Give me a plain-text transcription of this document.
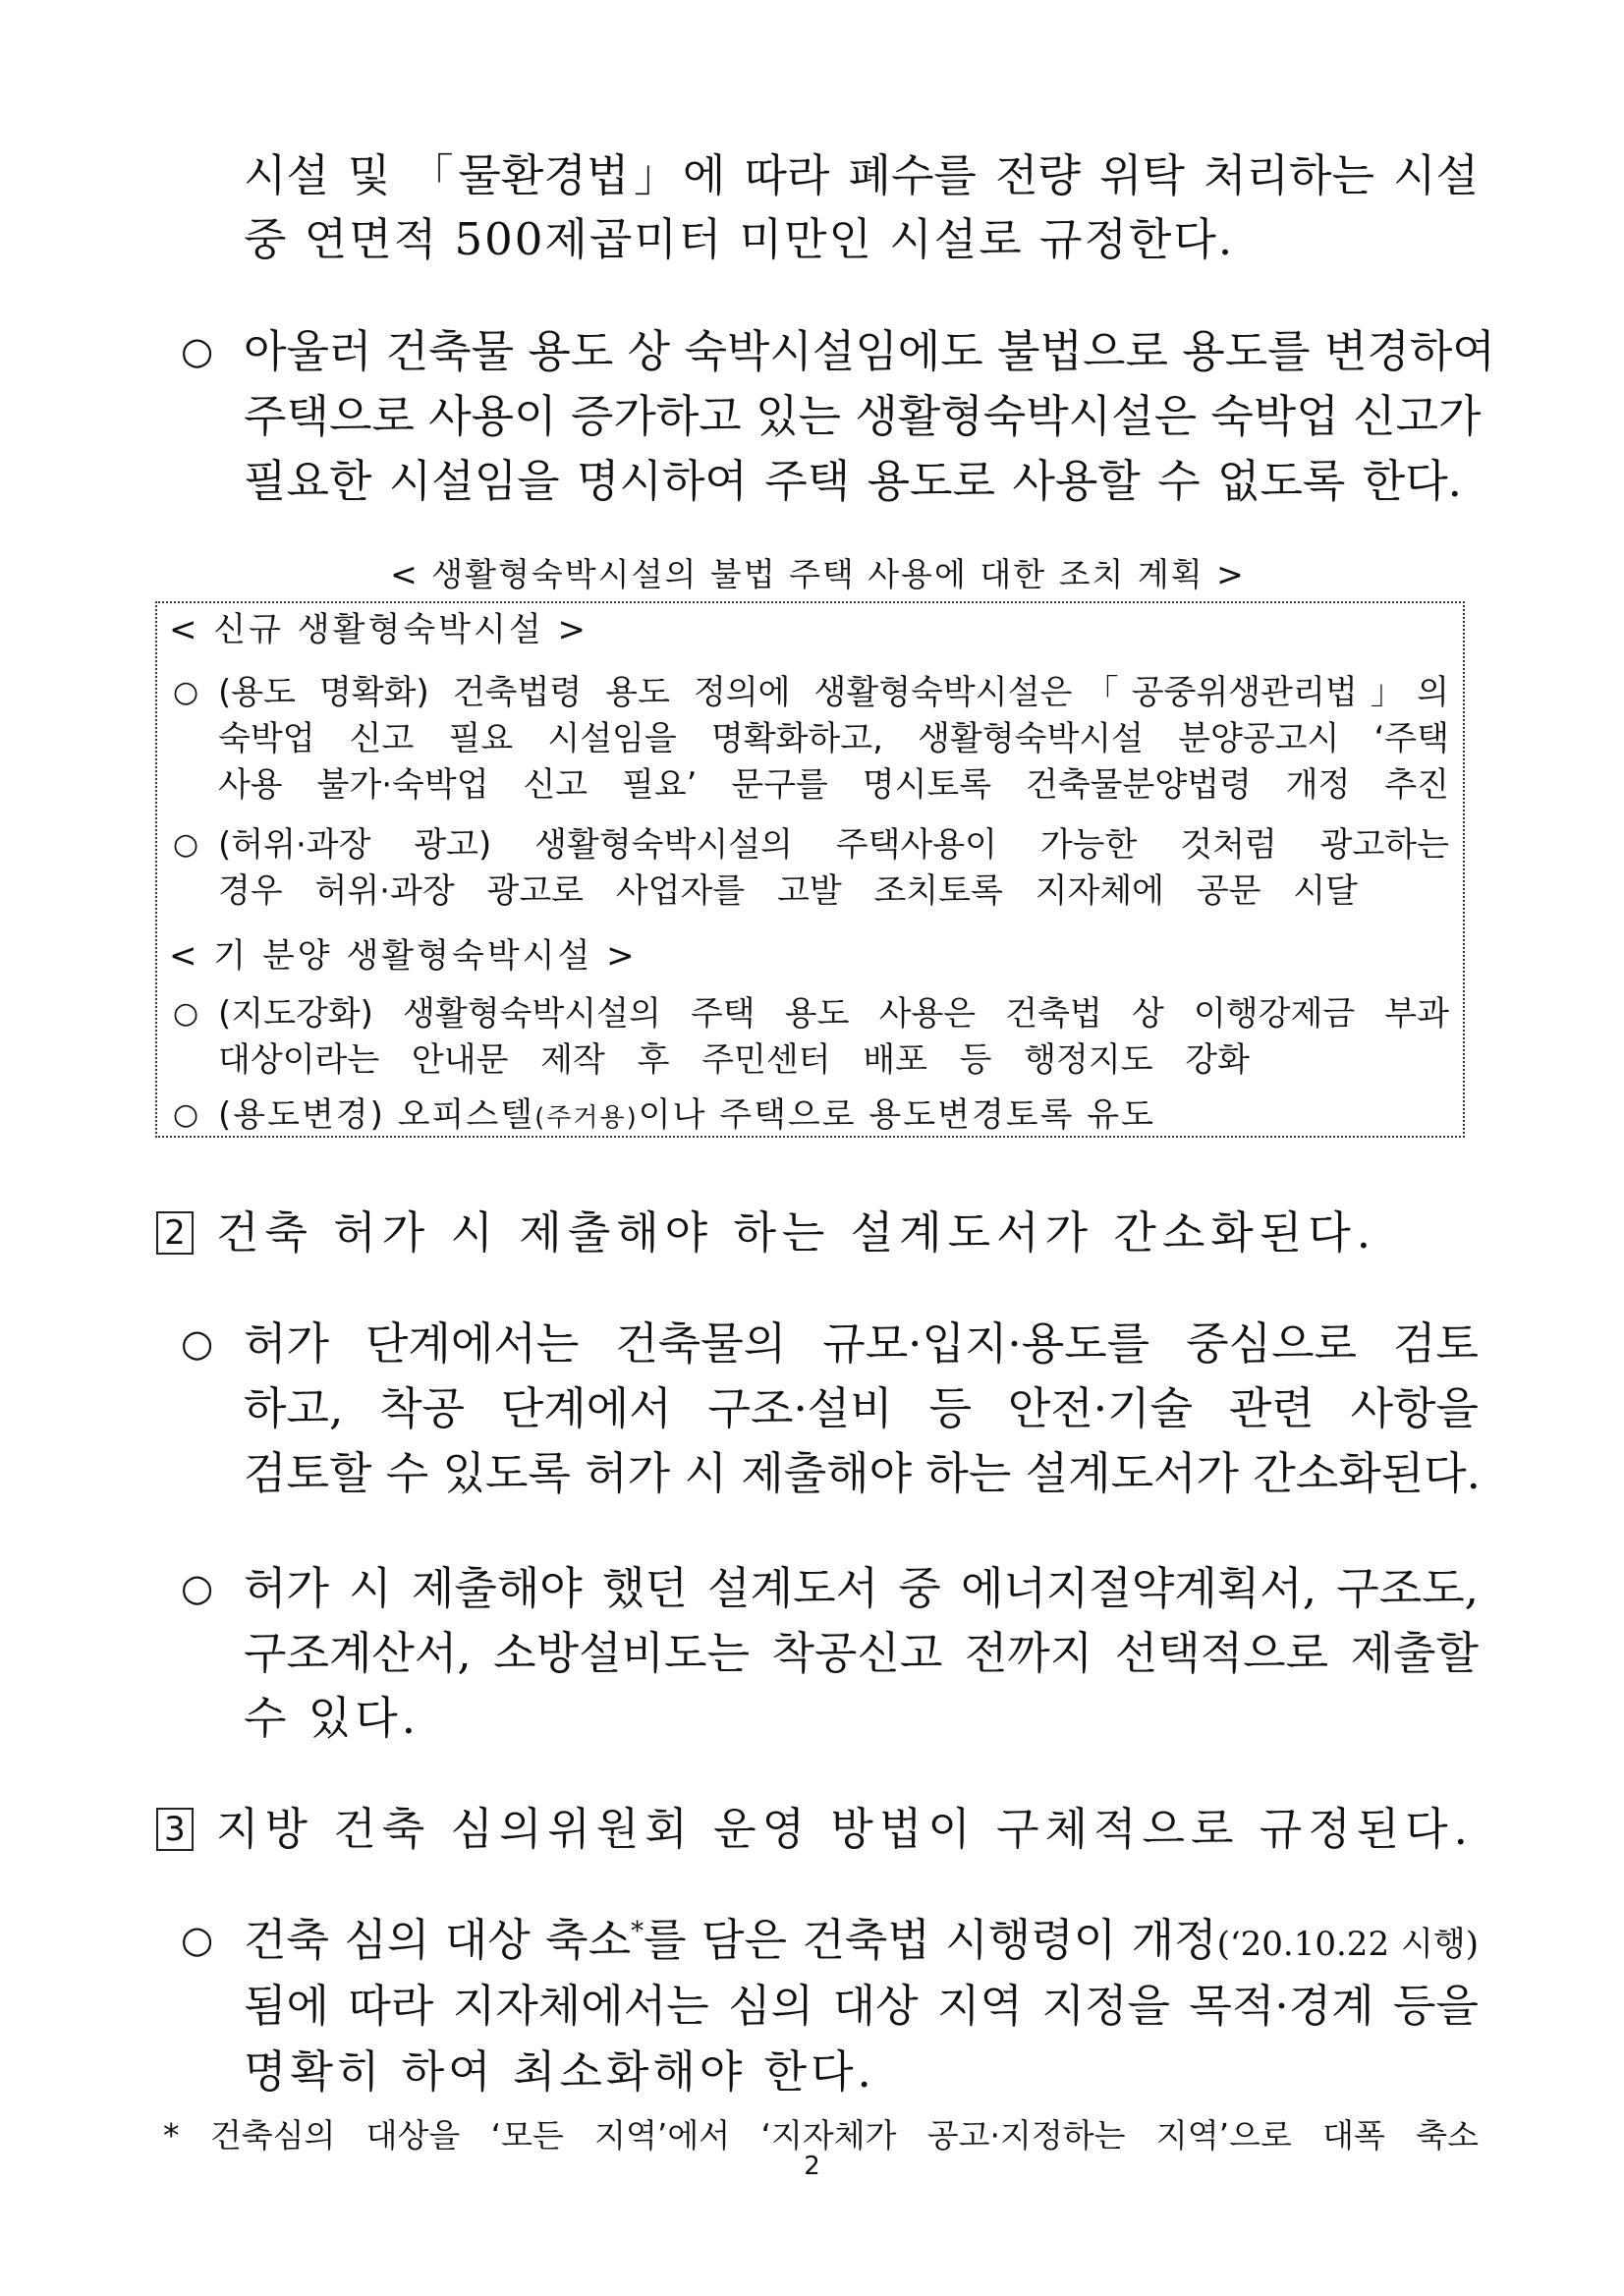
시설 및 「물환경법」에 따라 폐수를 전량 위탁 처리하는 시설
중 연면적 500제곱미터 미만인 시설로 규정한다.
○ 아울러 건축물 용도 상 숙박시설임에도 불법으로 용도를 변경하여
주택으로 사용이 증가하고 있는 생활형숙박시설은 숙박업 신고가
필요한 시설임을 명시하여 주택 용도로 사용할 수 없도록 한다.
< 생활형숙박시설의 불법 주택 사용에 대한 조치 계획 >
< 신규 생활형숙박시설 >
○ (용도 명확화) 건축법령 용도 정의에 생활형숙박시설은「공중위생관리법」의
숙박업 신고 필요 시설임을 명확화하고, 생활형숙박시설 분양공고시 ‘주택
사용 불가·숙박업 신고 필요’ 문구를 명시토록 건축물분양법령 개정 추진
○ (허위·과장 광고) 생활형숙박시설의 주택사용이 가능한 것처럼 광고하는
경우 허위·과장 광고로 사업자를 고발 조치토록 지자체에 공문 시달
< 기 분양 생활형숙박시설 >
○ (지도강화) 생활형숙박시설의 주택 용도 사용은 건축법 상 이행강제금 부과
대상이라는 안내문 제작 후 주민센터 배포 등 행정지도 강화
○ (용도변경) 오피스텔(주거용)이나 주택으로 용도변경토록 유도
2 건축 허가 시 제출해야 하는 설계도서가 간소화된다.
○ 허가 단계에서는 건축물의 규모·입지·용도를 중심으로 검토
하고, 착공 단계에서 구조·설비 등 안전·기술 관련 사항을
검토할 수 있도록 허가 시 제출해야 하는 설계도서가 간소화된다.
○ 허가 시 제출해야 했던 설계도서 중 에너지절약계획서, 구조도,
구조계산서, 소방설비도는 착공신고 전까지 선택적으로 제출할
수 있다.
3 지방 건축 심의위원회 운영 방법이 구체적으로 규정된다.
○ 건축 심의 대상 축소*를 담은 건축법 시행령이 개정(‘20.10.22 시행)
됨에 따라 지자체에서는 심의 대상 지역 지정을 목적·경계 등을
명확히 하여 최소화해야 한다.
* 건축심의 대상을 ‘모든 지역’에서 ‘지자체가 공고·지정하는 지역’으로 대폭 축소
2
